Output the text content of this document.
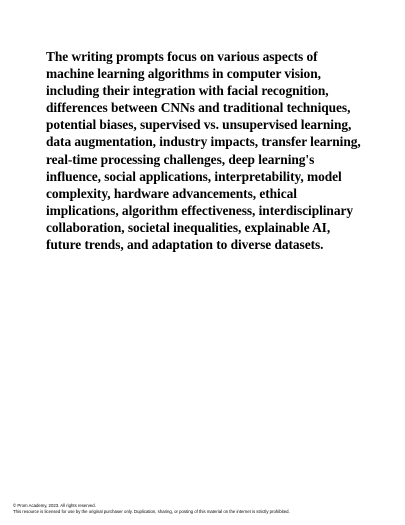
The writing prompts focus on various aspects of machine learning algorithms in computer vision, including their integration with facial recognition, differences between CNNs and traditional techniques, potential biases, supervised vs. unsupervised learning, data augmentation, industry impacts, transfer learning, real-time processing challenges, deep learning's influence, social applications, interpretability, model complexity, hardware advancements, ethical implications, algorithm effectiveness, interdisciplinary collaboration, societal inequalities, explainable AI, future trends, and adaptation to diverse datasets.

© Prom Academy, 2023. All rights reserved.
This resource is licensed for use by the original purchaser only. Duplication, sharing, or posting of this material on the internet is strictly prohibited.
